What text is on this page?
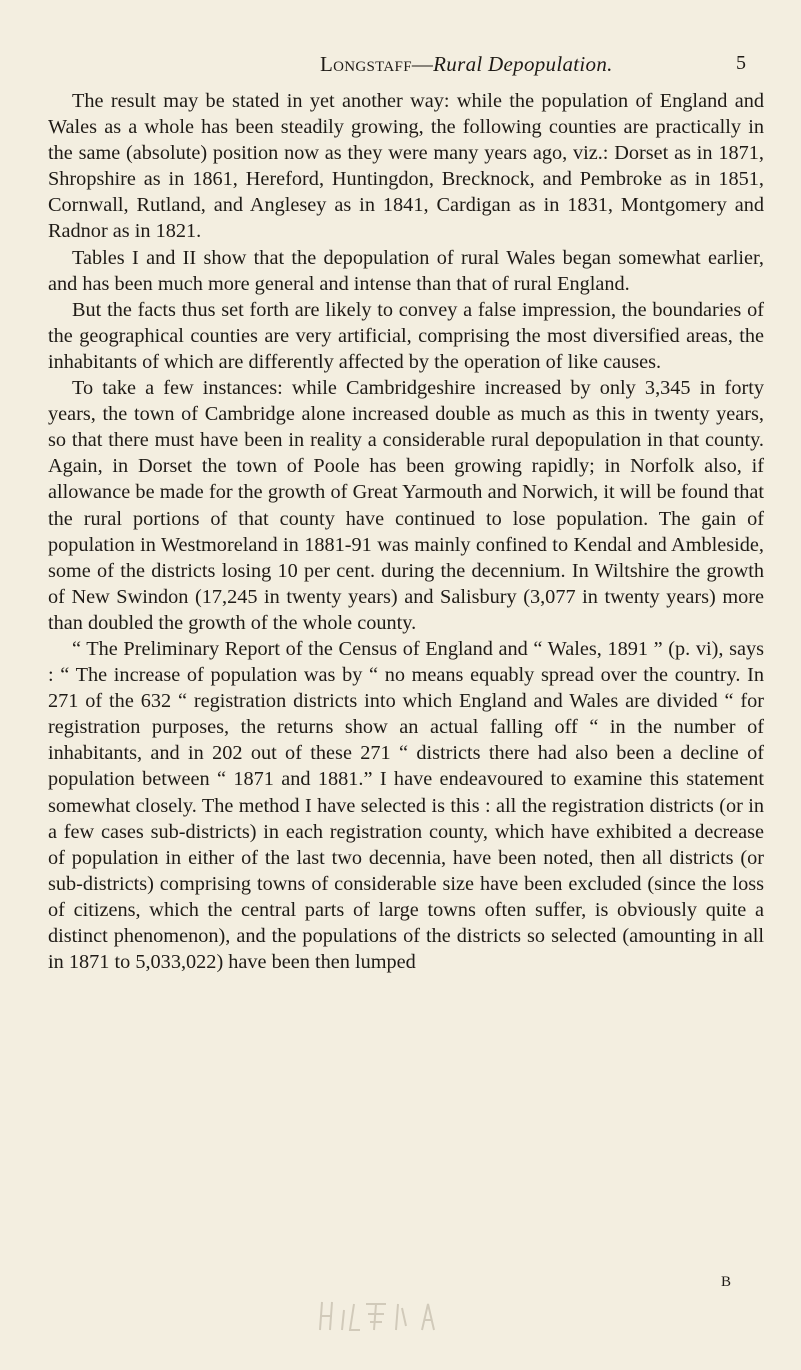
Longstaff—Rural Depopulation.	5

The result may be stated in yet another way: while the population of England and Wales as a whole has been steadily growing, the following counties are practically in the same (absolute) position now as they were many years ago, viz.: Dorset as in 1871, Shropshire as in 1861, Hereford, Huntingdon, Brecknock, and Pembroke as in 1851, Cornwall, Rutland, and Anglesey as in 1841, Cardigan as in 1831, Montgomery and Radnor as in 1821.

Tables I and II show that the depopulation of rural Wales began somewhat earlier, and has been much more general and intense than that of rural England.

But the facts thus set forth are likely to convey a false impression, the boundaries of the geographical counties are very artificial, comprising the most diversified areas, the inhabitants of which are differently affected by the operation of like causes.

To take a few instances: while Cambridgeshire increased by only 3,345 in forty years, the town of Cambridge alone increased double as much as this in twenty years, so that there must have been in reality a considerable rural depopulation in that county. Again, in Dorset the town of Poole has been growing rapidly; in Norfolk also, if allowance be made for the growth of Great Yarmouth and Norwich, it will be found that the rural portions of that county have continued to lose population. The gain of population in Westmoreland in 1881-91 was mainly confined to Kendal and Ambleside, some of the districts losing 10 per cent. during the decennium. In Wiltshire the growth of New Swindon (17,245 in twenty years) and Salisbury (3,077 in twenty years) more than doubled the growth of the whole county.

“ The Preliminary Report of the Census of England and “ Wales, 1891 ” (p. vi), says : “ The increase of population was by “ no means equably spread over the country. In 271 of the 632 “ registration districts into which England and Wales are divided “ for registration purposes, the returns show an actual falling off “ in the number of inhabitants, and in 202 out of these 271 “ districts there had also been a decline of population between “ 1871 and 1881.” I have endeavoured to examine this statement somewhat closely. The method I have selected is this : all the registration districts (or in a few cases sub-districts) in each registration county, which have exhibited a decrease of population in either of the last two decennia, have been noted, then all districts (or sub-districts) comprising towns of considerable size have been excluded (since the loss of citizens, which the central parts of large towns often suffer, is obviously quite a distinct phenomenon), and the populations of the districts so selected (amounting in all in 1871 to 5,033,022) have been then lumped

B
